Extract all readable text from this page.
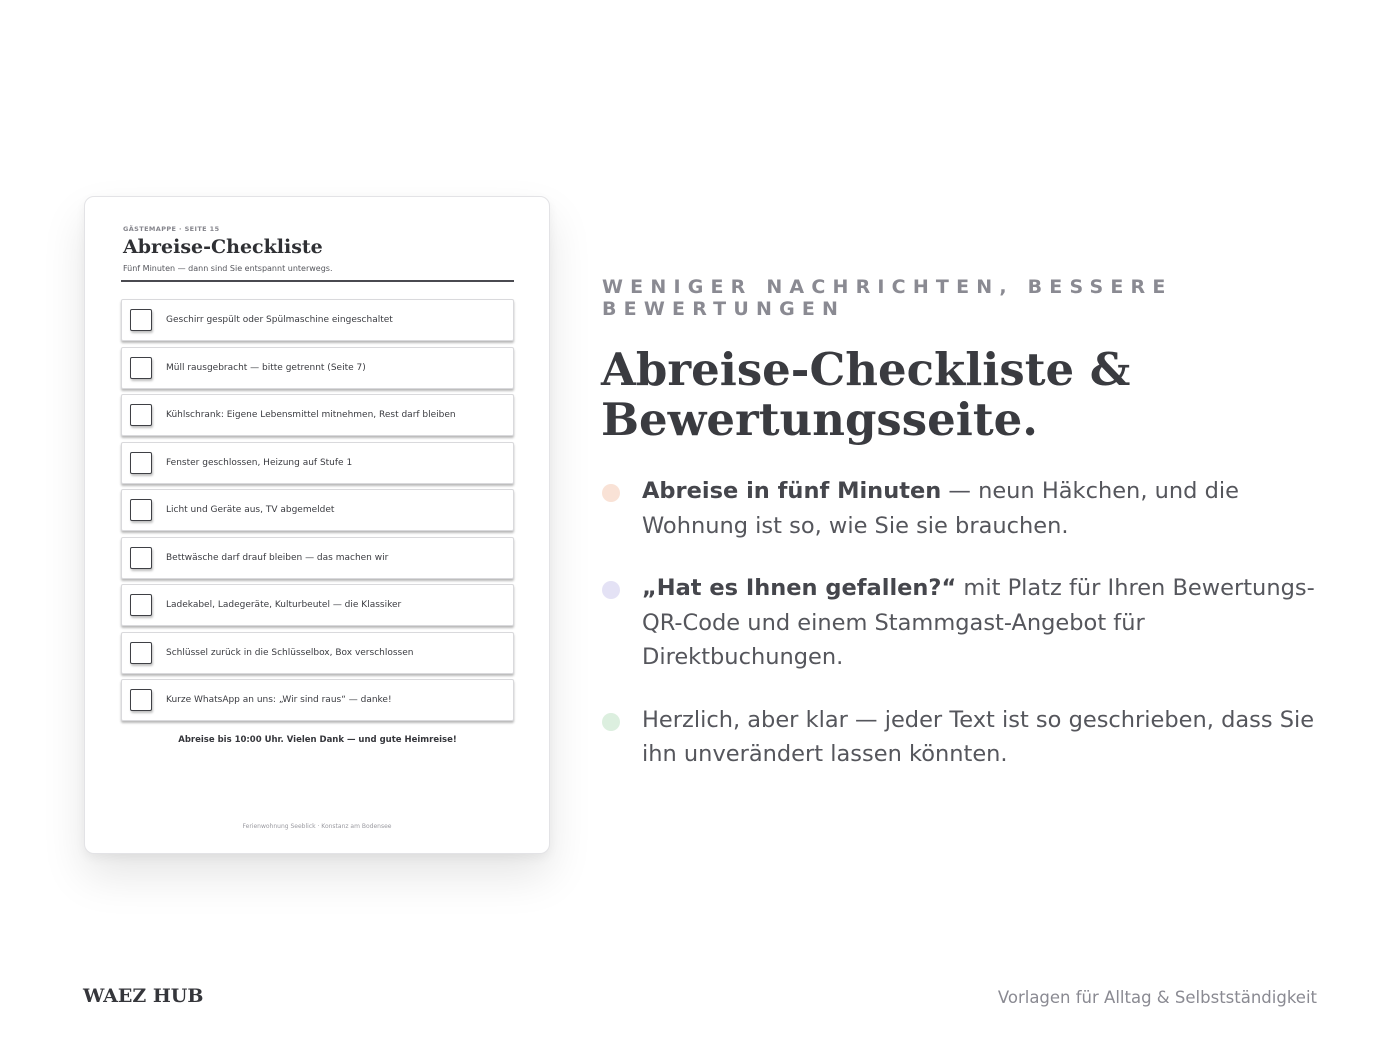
GÄSTEMAPPE · SEITE 15
Abreise-Checkliste
Fünf Minuten — dann sind Sie entspannt unterwegs.
Geschirr gespült oder Spülmaschine eingeschaltet
Müll rausgebracht — bitte getrennt (Seite 7)
Kühlschrank: Eigene Lebensmittel mitnehmen, Rest darf bleiben
Fenster geschlossen, Heizung auf Stufe 1
Licht und Geräte aus, TV abgemeldet
Bettwäsche darf drauf bleiben — das machen wir
Ladekabel, Ladegeräte, Kulturbeutel — die Klassiker
Schlüssel zurück in die Schlüsselbox, Box verschlossen
Kurze WhatsApp an uns: „Wir sind raus“ — danke!
Abreise bis 10:00 Uhr. Vielen Dank — und gute Heimreise!
Ferienwohnung Seeblick · Konstanz am Bodensee
WENIGER NACHRICHTEN, BESSERE BEWERTUNGEN
Abreise-Checkliste &
Bewertungsseite.
Abreise in fünf Minuten — neun Häkchen, und die Wohnung ist so, wie Sie sie brauchen.
„Hat es Ihnen gefallen?“ mit Platz für Ihren Bewertungs-QR-Code und einem Stammgast-Angebot für Direktbuchungen.
Herzlich, aber klar — jeder Text ist so geschrieben, dass Sie ihn unverändert lassen könnten.
WAEZ HUB	Vorlagen für Alltag & Selbstständigkeit
